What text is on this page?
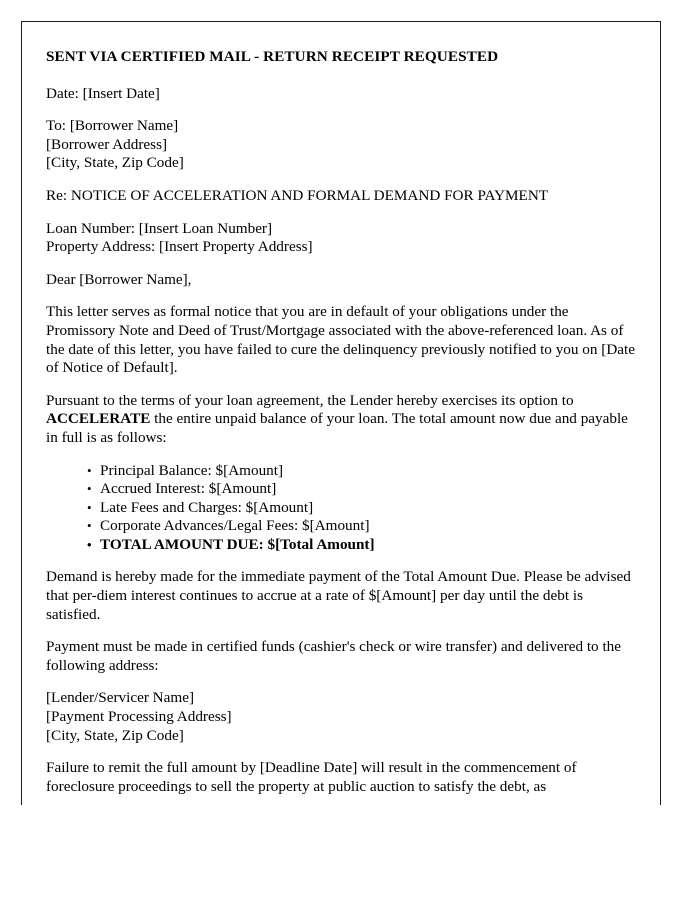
SENT VIA CERTIFIED MAIL - RETURN RECEIPT REQUESTED
Date: [Insert Date]
To: [Borrower Name]
[Borrower Address]
[City, State, Zip Code]
Re: NOTICE OF ACCELERATION AND FORMAL DEMAND FOR PAYMENT
Loan Number: [Insert Loan Number]
Property Address: [Insert Property Address]
Dear [Borrower Name],
This letter serves as formal notice that you are in default of your obligations under the Promissory Note and Deed of Trust/Mortgage associated with the above-referenced loan. As of the date of this letter, you have failed to cure the delinquency previously notified to you on [Date of Notice of Default].
Pursuant to the terms of your loan agreement, the Lender hereby exercises its option to ACCELERATE the entire unpaid balance of your loan. The total amount now due and payable in full is as follows:
• Principal Balance: $[Amount]
• Accrued Interest: $[Amount]
• Late Fees and Charges: $[Amount]
• Corporate Advances/Legal Fees: $[Amount]
• TOTAL AMOUNT DUE: $[Total Amount]
Demand is hereby made for the immediate payment of the Total Amount Due. Please be advised that per-diem interest continues to accrue at a rate of $[Amount] per day until the debt is satisfied.
Payment must be made in certified funds (cashier's check or wire transfer) and delivered to the following address:
[Lender/Servicer Name]
[Payment Processing Address]
[City, State, Zip Code]
Failure to remit the full amount by [Deadline Date] will result in the commencement of foreclosure proceedings to sell the property at public auction to satisfy the debt, as
